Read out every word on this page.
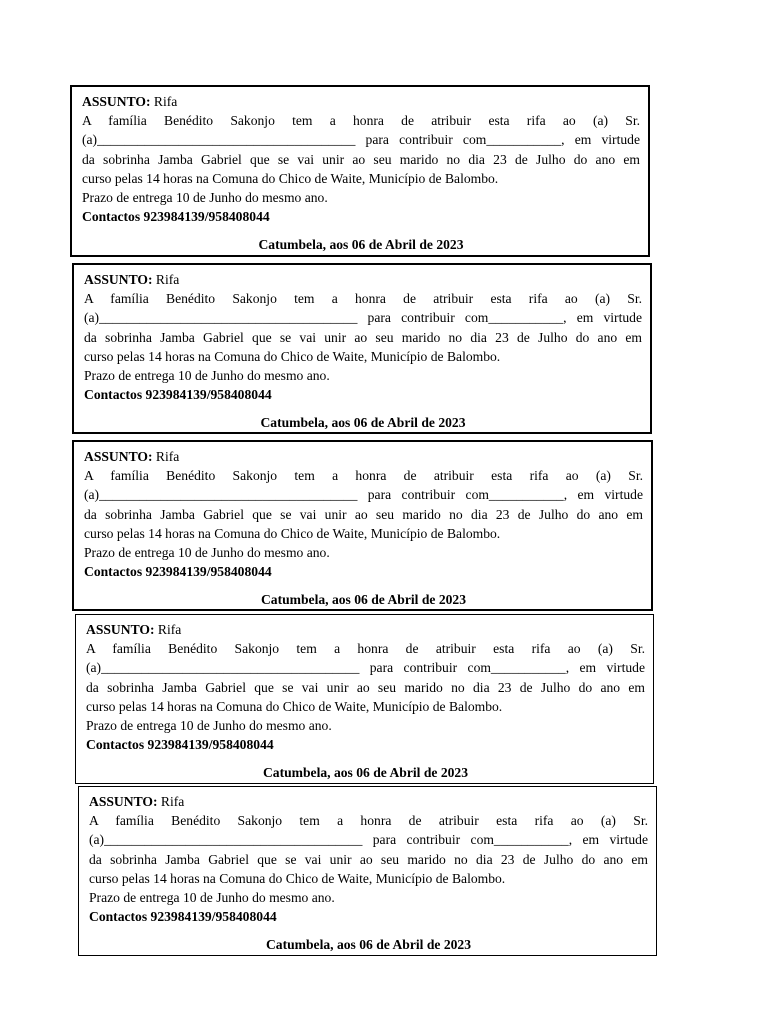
ASSUNTO: Rifa

A família Benédito Sakonjo tem a honra de atribuir esta rifa ao (a) Sr.

(a)______________________________________ para contribuir com___________, em virtude

da sobrinha Jamba Gabriel que se vai unir ao seu marido no dia 23 de Julho do ano em

curso pelas 14 horas na Comuna do Chico de Waite, Município de Balombo.

Prazo de entrega 10 de Junho do mesmo ano.

Contactos 923984139/958408044

Catumbela, aos 06 de Abril de 2023

ASSUNTO: Rifa

A família Benédito Sakonjo tem a honra de atribuir esta rifa ao (a) Sr.

(a)______________________________________ para contribuir com___________, em virtude

da sobrinha Jamba Gabriel que se vai unir ao seu marido no dia 23 de Julho do ano em

curso pelas 14 horas na Comuna do Chico de Waite, Município de Balombo.

Prazo de entrega 10 de Junho do mesmo ano.

Contactos 923984139/958408044

Catumbela, aos 06 de Abril de 2023

ASSUNTO: Rifa

A família Benédito Sakonjo tem a honra de atribuir esta rifa ao (a) Sr.

(a)______________________________________ para contribuir com___________, em virtude

da sobrinha Jamba Gabriel que se vai unir ao seu marido no dia 23 de Julho do ano em

curso pelas 14 horas na Comuna do Chico de Waite, Município de Balombo.

Prazo de entrega 10 de Junho do mesmo ano.

Contactos 923984139/958408044

Catumbela, aos 06 de Abril de 2023

ASSUNTO: Rifa

A família Benédito Sakonjo tem a honra de atribuir esta rifa ao (a) Sr.

(a)______________________________________ para contribuir com___________, em virtude

da sobrinha Jamba Gabriel que se vai unir ao seu marido no dia 23 de Julho do ano em

curso pelas 14 horas na Comuna do Chico de Waite, Município de Balombo.

Prazo de entrega 10 de Junho do mesmo ano.

Contactos 923984139/958408044

Catumbela, aos 06 de Abril de 2023

ASSUNTO: Rifa

A família Benédito Sakonjo tem a honra de atribuir esta rifa ao (a) Sr.

(a)______________________________________ para contribuir com___________, em virtude

da sobrinha Jamba Gabriel que se vai unir ao seu marido no dia 23 de Julho do ano em

curso pelas 14 horas na Comuna do Chico de Waite, Município de Balombo.

Prazo de entrega 10 de Junho do mesmo ano.

Contactos 923984139/958408044

Catumbela, aos 06 de Abril de 2023
